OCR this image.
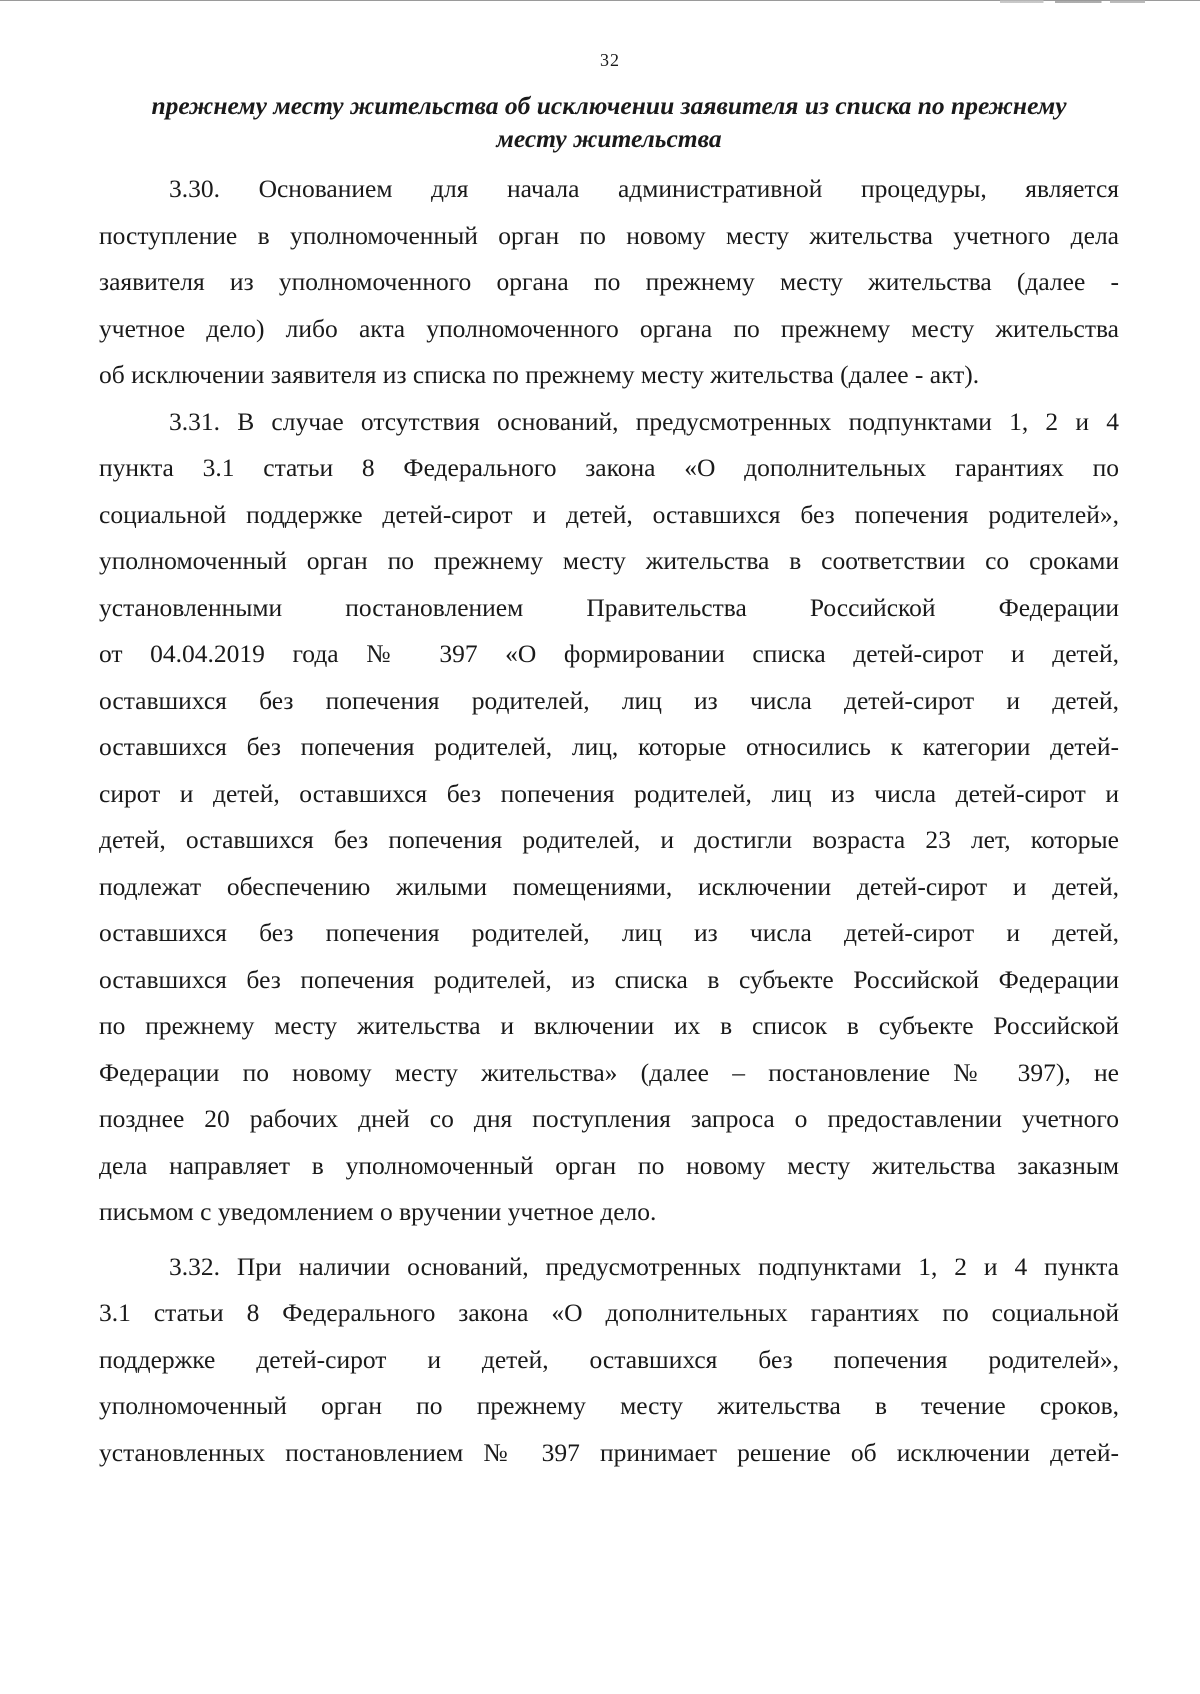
32
прежнему месту жительства об исключении заявителя из списка по прежнему
месту жительства

3.30. Основанием для начала административной процедуры, является
поступление в уполномоченный орган по новому месту жительства учетного дела
заявителя из уполномоченного органа по прежнему месту жительства (далее -
учетное дело) либо акта уполномоченного органа по прежнему месту жительства
об исключении заявителя из списка по прежнему месту жительства (далее - акт).

3.31. В случае отсутствия оснований, предусмотренных подпунктами 1, 2 и 4
пункта 3.1 статьи 8 Федерального закона «О дополнительных гарантиях по
социальной поддержке детей-сирот и детей, оставшихся без попечения родителей»,
уполномоченный орган по прежнему месту жительства в соответствии со сроками
установленными постановлением Правительства Российской Федерации
от 04.04.2019 года № 397 «О формировании списка детей-сирот и детей,
оставшихся без попечения родителей, лиц из числа детей-сирот и детей,
оставшихся без попечения родителей, лиц, которые относились к категории детей-
сирот и детей, оставшихся без попечения родителей, лиц из числа детей-сирот и
детей, оставшихся без попечения родителей, и достигли возраста 23 лет, которые
подлежат обеспечению жилыми помещениями, исключении детей-сирот и детей,
оставшихся без попечения родителей, лиц из числа детей-сирот и детей,
оставшихся без попечения родителей, из списка в субъекте Российской Федерации
по прежнему месту жительства и включении их в список в субъекте Российской
Федерации по новому месту жительства» (далее – постановление № 397), не
позднее 20 рабочих дней со дня поступления запроса о предоставлении учетного
дела направляет в уполномоченный орган по новому месту жительства заказным
письмом с уведомлением о вручении учетное дело.

3.32. При наличии оснований, предусмотренных подпунктами 1, 2 и 4 пункта
3.1 статьи 8 Федерального закона «О дополнительных гарантиях по социальной
поддержке детей-сирот и детей, оставшихся без попечения родителей»,
уполномоченный орган по прежнему месту жительства в течение сроков,
установленных постановлением № 397 принимает решение об исключении детей-
